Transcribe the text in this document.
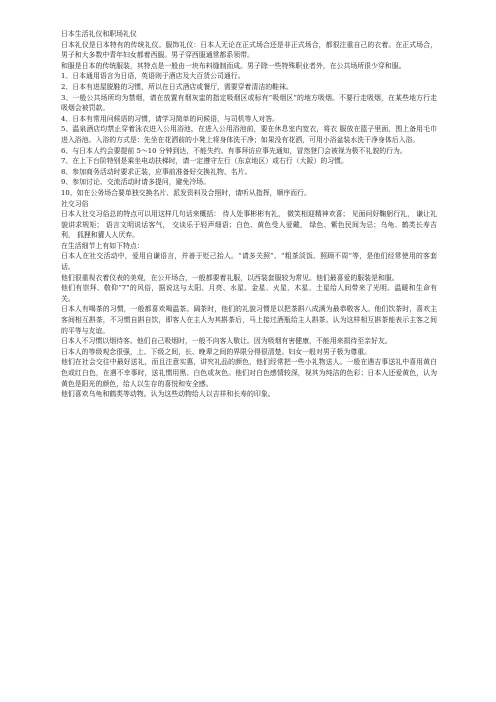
日本生活礼仪和职场礼仪

日本礼仪是日本特有的传统礼仪。服饰礼仪：日本人无论在正式场合还是非正式场合，都很注重自己的衣着。在正式场合，男子和大多数中青年妇女都着西服。男子穿西服通常都系领带。

和服是日本的传统服装，其特点是一般由一块布料缝制而成。男子除一些特殊职业者外，在公共场所很少穿和服。

1、日本通用语言为日语，英语则于酒店及大百货公司通行。

2、日本有进屋脱鞋的习惯，所以在日式酒店或餐厅，需要穿着清洁的鞋袜。

3、一般公共场所均为禁烟，请在放置有烟灰盅的指定吸烟区或标有“吸烟区”的地方吸烟。不要行走吸烟，在某些地方行走吸烟会被罚款。

4、日本有常用问候语的习惯，请学习简单的问候语，与司机等人对答。

5、温泉酒店均禁止穿着泳衣进入公用浴池，在进入公用浴池前，要在休息室内宽衣，将衣 服放在篮子里面，围上备用毛巾进入浴池。入浴的方式是：先坐在花洒前的小凳上将身体洗干净；如果没有花洒，可用小浴盆装水洗干净身体后入浴。

6、与日本人约会要提前 5～10 分钟到达，不能失约。有事拜访应事先通知，冒然登门会被视为极不礼貌的行为。

7、在上下台阶特别是乘坐电动扶梯时，请一定遵守左行（东京地区）或右行（大阪）的习惯。

8、参加商务活动时要求正装，应事前准备好交换礼物、名片。

9、参加讨论、交流活动时请多提问，避免冷场。

10、如在公务场合要单独交换名片、派发资料及合照时，请听从指挥，顺序而行。

社交习俗

日本人社交习俗总的特点可以用这样几句话来概括： 待人处事彬彬有礼， 微笑相迎精神欢喜； 见面问好鞠躬行礼， 谦让礼貌讲求规矩； 语言文明说话客气， 交谈乐于轻声细语；白色、黄色受人爱戴， 绿色、紫色民间为忌；乌龟、鹤类长寿吉利， 狐狸和獾人人厌弃。

在生活细节上有如下特点：

日本人在社交活动中，爱用自谦语言，并善于贬己抬人。“请多关照”、“粗茶淡饭、照顾不周”等，是他们经常使用的客套话。

他们很重视衣着仪表的美观，在公开场合，一般都要着礼服，以西装套服较为常见。他们最喜爱的服装是和服。

他们有崇拜、敬仰“7”的风俗，据说这与太阳、月亮、水星、金星、火星、木星、土星给人间带来了光明、温暖和生命有关。

日本人有喝茶的习惯，一般都喜欢喝温茶。阔茶时，他们的礼貌习惯是以把茶斟八成满为最恭敬客人。他们饮茶时，喜欢主客间相互斟茶，不习惯自斟自饮，即客人在主人为其斟茶后，马上接过酒瓶给主人斟茶。认为这样相互斟茶能表示主客之间的平等与友谊。

日本人不习惯以烟待客。他们自己吸烟时，一般不向客人敬让。因为吸烟有害健康，不能用来损待至亲好友。

日本人的等级观念很强，上、下级之间，长、晚辈之间的界限分得很清楚。妇女一般对男子极为尊重。

他们在社会交往中最好送礼，而且注意实惠，讲究礼品的颜色，他们经常把一些小礼物送人。一般在遇吉事送礼中喜用黄白色或红白色，在遇不幸事时，送礼惯用黑、白色或灰色。他们对白色感情较深，视其为纯洁的色彩；日本人还爱黄色，认为黄色是阳光的颜色，给人以生存的喜悦和安全感。

他们喜欢乌龟和鹤类等动物。认为这些动物给人以吉祥和长寿的印象。
